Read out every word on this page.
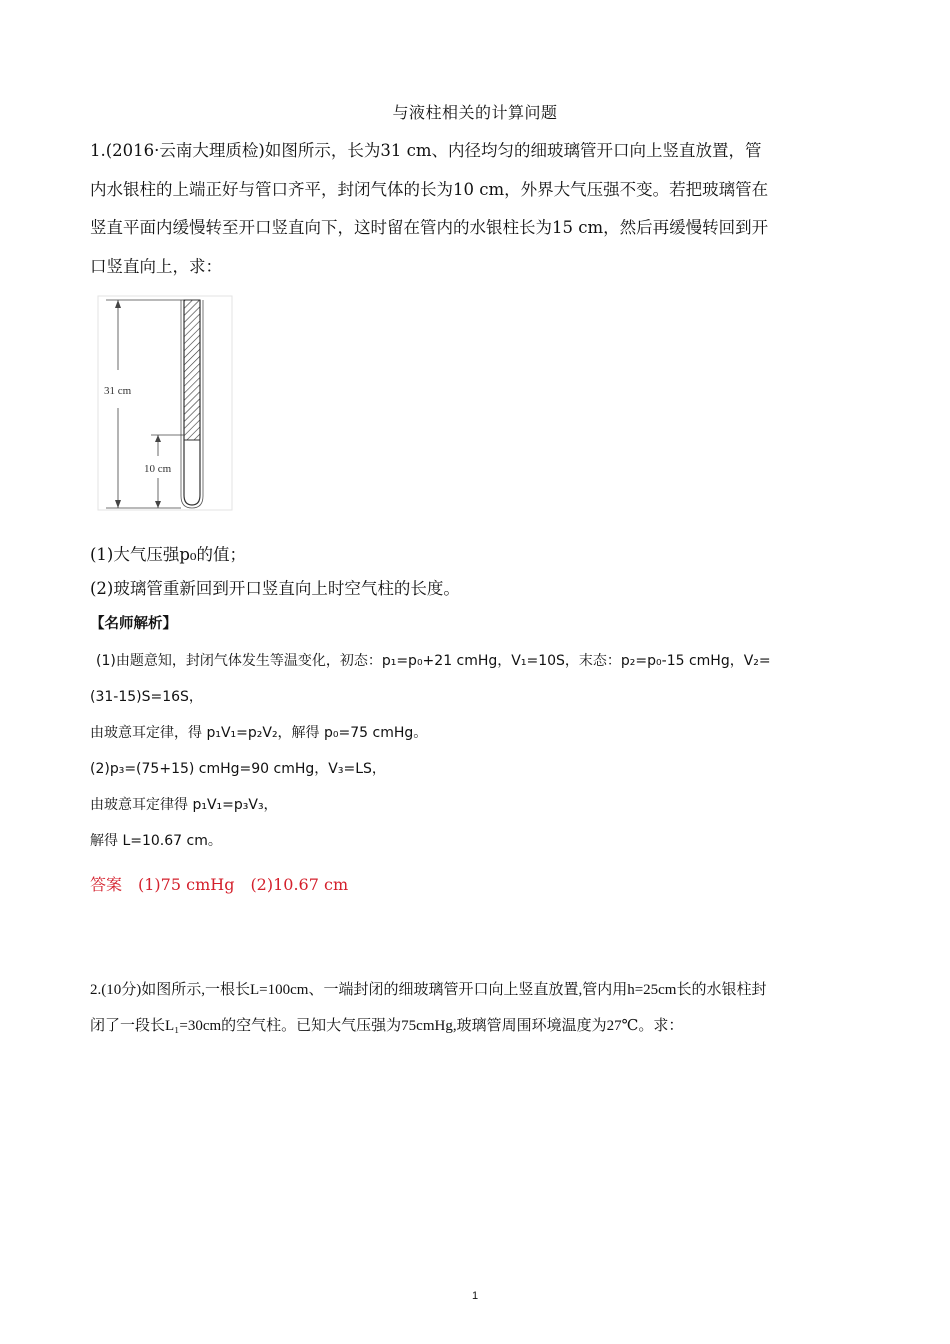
与液柱相关的计算问题

1.(2016·云南大理质检)如图所示，长为31 cm、内径均匀的细玻璃管开口向上竖直放置，管

内水银柱的上端正好与管口齐平，封闭气体的长为10 cm，外界大气压强不变。若把玻璃管在

竖直平面内缓慢转至开口竖直向下，这时留在管内的水银柱长为15 cm，然后再缓慢转回到开

口竖直向上，求：

31 cm
10 cm
(1)大气压强p₀的值；
(2)玻璃管重新回到开口竖直向上时空气柱的长度。
【名师解析】
(1)由题意知，封闭气体发生等温变化，初态：p₁=p₀+21 cmHg，V₁=10S，末态：p₂=p₀-15 cmHg，V₂=
(31-15)S=16S，
由玻意耳定律，得 p₁V₁=p₂V₂，解得 p₀=75 cmHg。
(2)p₃=(75+15) cmHg=90 cmHg，V₃=LS，
由玻意耳定律得 p₁V₁=p₃V₃，
解得 L=10.67 cm。
答案　(1)75 cmHg　(2)10.67 cm
2.(10分)如图所示,一根长L=100cm、一端封闭的细玻璃管开口向上竖直放置,管内用h=25cm长的水银柱封
闭了一段长L₁=30cm的空气柱。已知大气压强为75cmHg,玻璃管周围环境温度为27℃。求：
1
